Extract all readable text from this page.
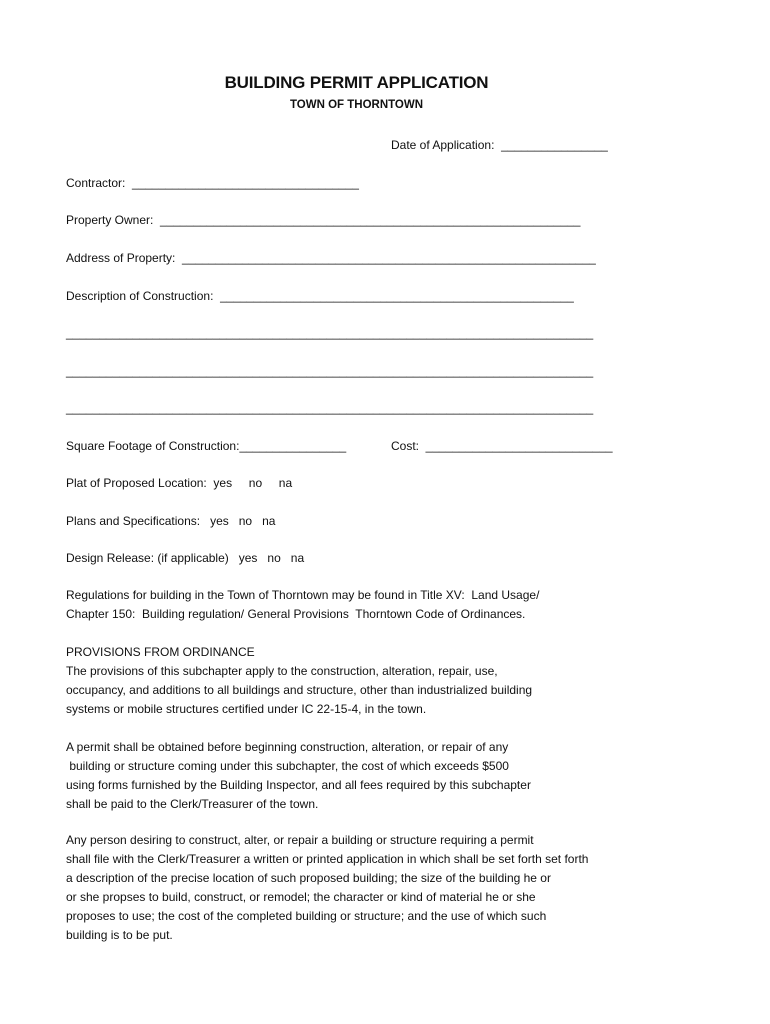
BUILDING PERMIT APPLICATION
TOWN OF THORNTOWN
Date of Application:  ________________
Contractor:  __________________________________
Property Owner:  _______________________________________________________________
Address of Property:  ______________________________________________________________
Description of Construction:  _____________________________________________________
_______________________________________________________________________________
_______________________________________________________________________________
_______________________________________________________________________________
Square Footage of Construction:________________	Cost:  ____________________________
Plat of Proposed Location:  yes     no     na
Plans and Specifications:   yes   no   na
Design Release: (if applicable)   yes   no   na
Regulations for building in the Town of Thorntown may be found in Title XV:  Land Usage/
Chapter 150:  Building regulation/ General Provisions  Thorntown Code of Ordinances.
PROVISIONS FROM ORDINANCE
The provisions of this subchapter apply to the construction, alteration, repair, use,
occupancy, and additions to all buildings and structure, other than industrialized building
systems or mobile structures certified under IC 22-15-4, in the town.
A permit shall be obtained before beginning construction, alteration, or repair of any
building or structure coming under this subchapter, the cost of which exceeds $500
using forms furnished by the Building Inspector, and all fees required by this subchapter
shall be paid to the Clerk/Treasurer of the town.
Any person desiring to construct, alter, or repair a building or structure requiring a permit
shall file with the Clerk/Treasurer a written or printed application in which shall be set forth set forth
a description of the precise location of such proposed building; the size of the building he or
or she propses to build, construct, or remodel; the character or kind of material he or she
proposes to use; the cost of the completed building or structure; and the use of which such
building is to be put.
